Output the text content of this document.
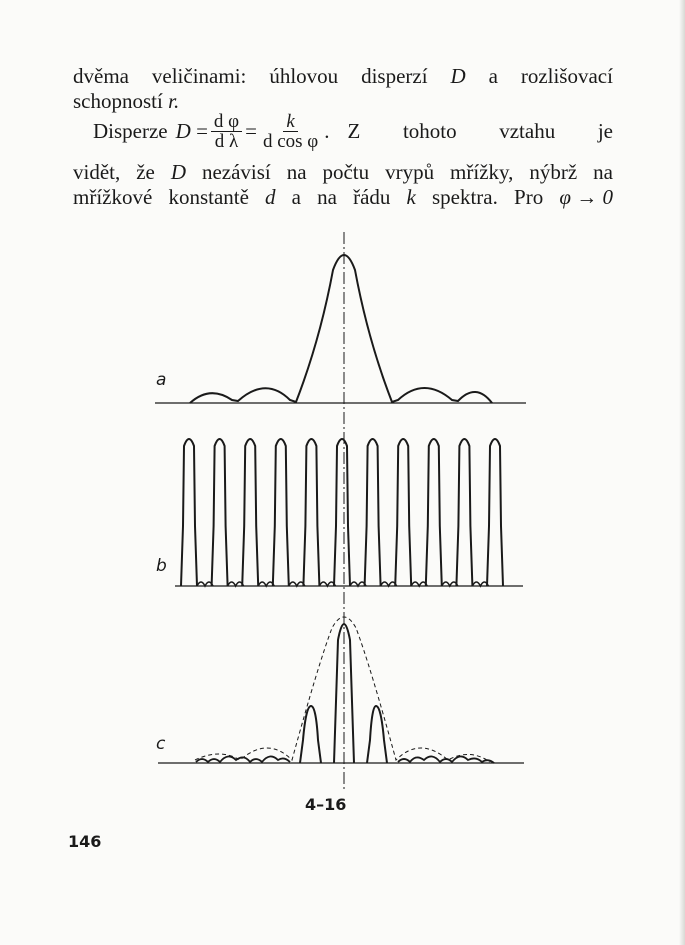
dvěma veličinami: úhlovou disperzí D a rozlišovací
schopností r.
Disperze $D = \frac{\text{d φ}}{\text{d λ}} = \frac{k}{\text{d cos φ}}$ . Z tohoto vztahu je
vidět, že D nezávisí na počtu vrypů mřížky, nýbrž na
mřížkové konstantě d a na řádu k spektra. Pro φ → 0
a
b
c
4–16
146
